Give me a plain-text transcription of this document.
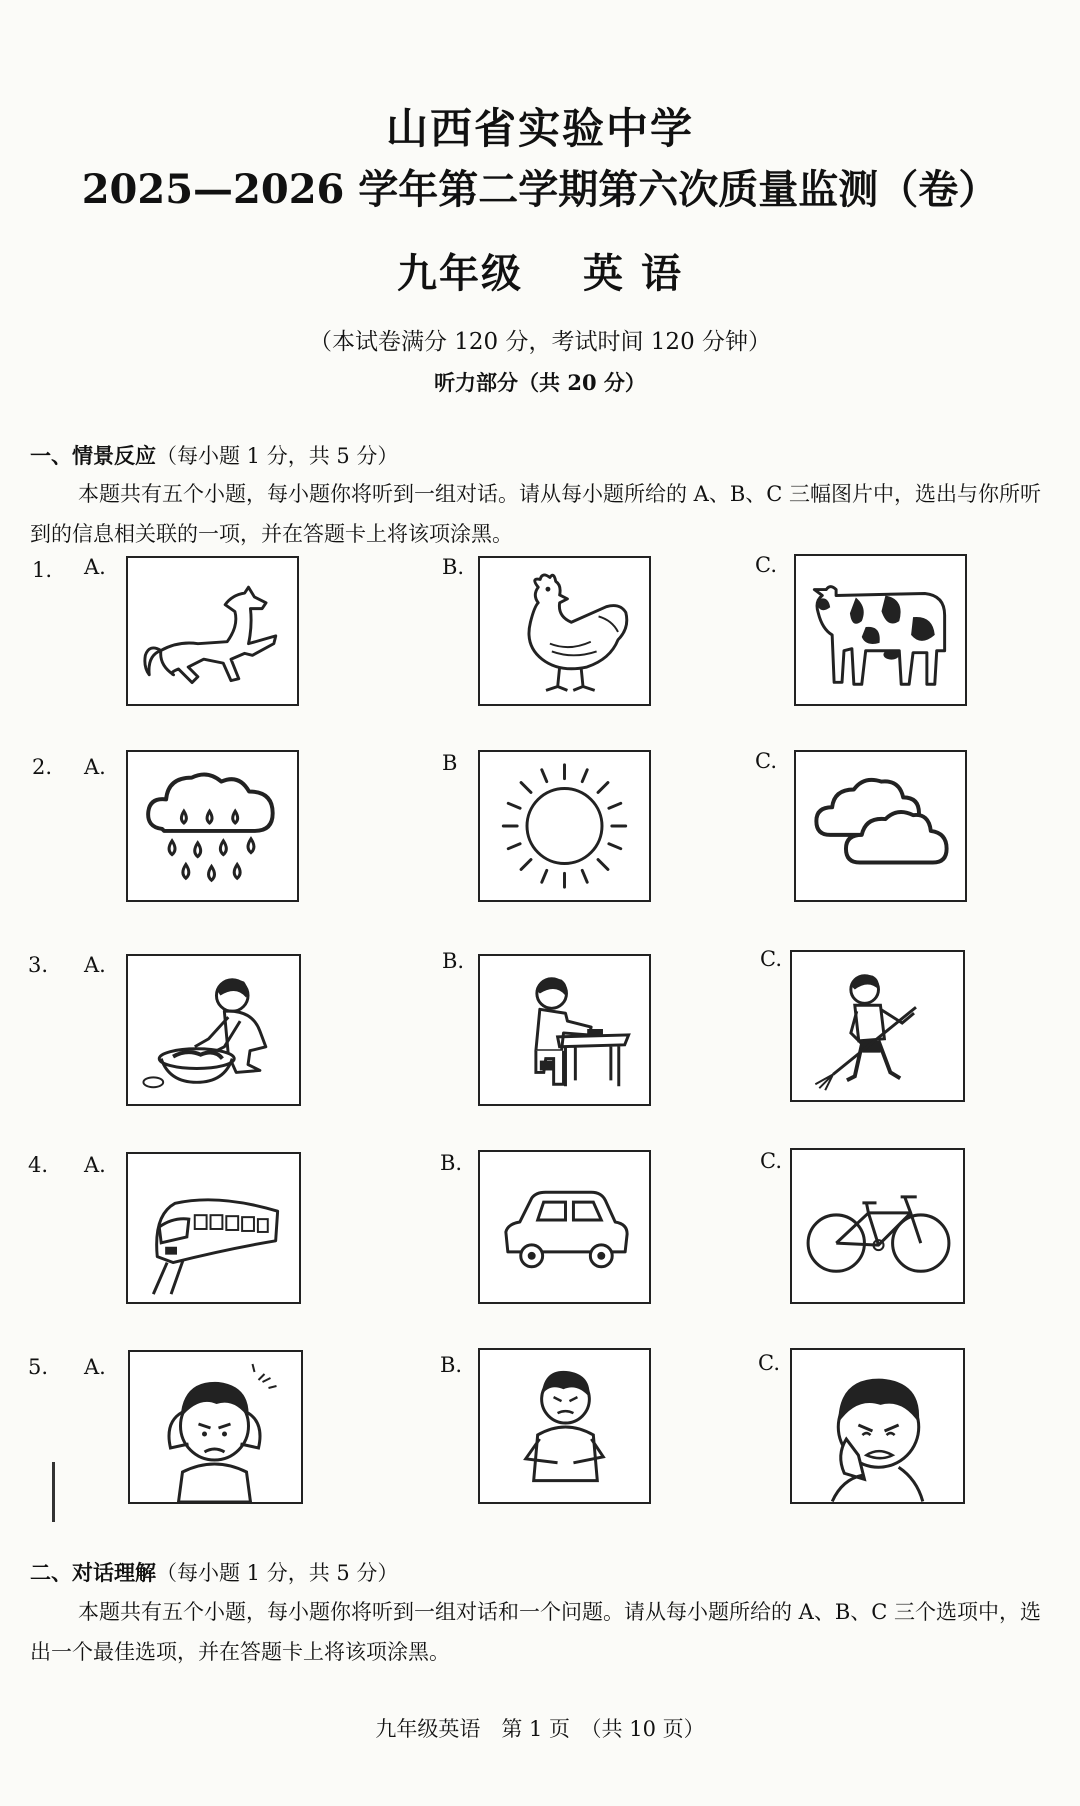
山西省实验中学
2025—2026 学年第二学期第六次质量监测（卷）
九年级 英 语
（本试卷满分 120 分，考试时间 120 分钟）
听力部分（共 20 分）
一、情景反应（每小题 1 分，共 5 分）
本题共有五个小题，每小题你将听到一组对话。请从每小题所给的 A、B、C 三幅图片中，选出与你所听到的信息相关联的一项，并在答题卡上将该项涂黑。
1. A.	B.	C.
2. A.	B	C.
3. A.	B.	C.
4. A.	B.	C.
5. A.	B.	C.
二、对话理解（每小题 1 分，共 5 分）
本题共有五个小题，每小题你将听到一组对话和一个问题。请从每小题所给的 A、B、C 三个选项中，选出一个最佳选项，并在答题卡上将该项涂黑。
九年级英语　第 1 页　（共 10 页）
